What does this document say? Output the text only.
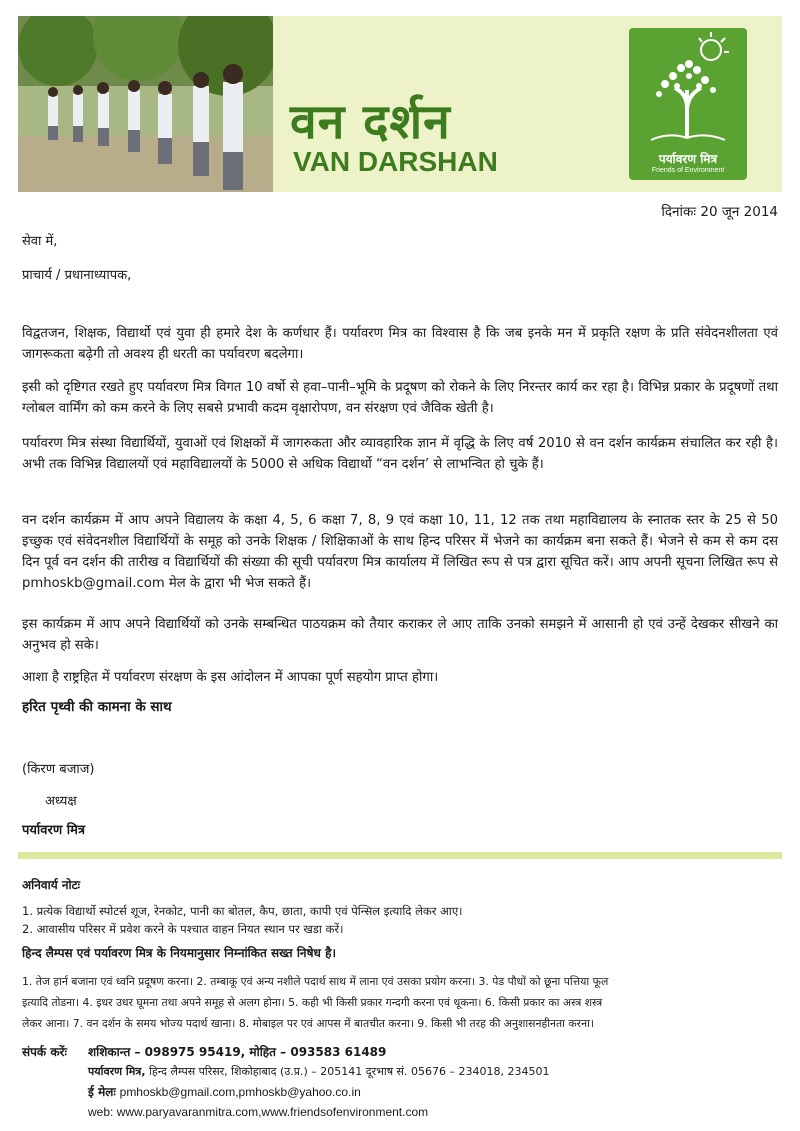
वन दर्शन
VAN DARSHAN	पर्यावरण मित्र
Friends of Environment
दिनांकः 20 जून 2014
सेवा में,
प्राचार्य / प्रधानाध्यापक,
विद्वतजन, शिक्षक, विद्यार्थो एवं युवा ही हमारे देश के कर्णधार हैं। पर्यावरण मित्र का विश्वास है कि जब इनके मन में प्रकृति रक्षण के प्रति संवेदनशीलता एवं जागरूकता बढ़ेगी तो अवश्य ही धरती का पर्यावरण बदलेगा।
इसी को दृष्टिगत रखते हुए पर्यावरण मित्र विगत 10 वर्षो से हवा–पानी–भूमि के प्रदूषण को रोकने के लिए निरन्तर कार्य कर रहा है। विभिन्न प्रकार के प्रदूषणों तथा ग्लोबल वार्मिंग को कम करने के लिए सबसे प्रभावी कदम वृक्षारोपण, वन संरक्षण एवं जैविक खेती है।
पर्यावरण मित्र संस्था विद्यार्थियों, युवाओं एवं शिक्षकों में जागरुकता और व्यावहारिक ज्ञान में वृद्धि के लिए वर्ष 2010 से वन दर्शन कार्यक्रम संचालित कर रही है। अभी तक विभिन्न विद्यालयों एवं महाविद्यालयों के 5000 से अधिक विद्यार्थो “वन दर्शन’ से लाभन्वित हो चुके हैं।
वन दर्शन कार्यक्रम में आप अपने विद्यालय के कक्षा 4, 5, 6 कक्षा 7, 8, 9 एवं कक्षा 10, 11, 12 तक तथा महाविद्यालय के स्नातक स्तर के 25 से 50 इच्छुक एवं संवेदनशील विद्यार्थियों के समूह को उनके शिक्षक / शिक्षिकाओं के साथ हिन्द परिसर में भेजने का कार्यक्रम बना सकते हैं। भेजने से कम से कम दस दिन पूर्व वन दर्शन की तारीख व विद्यार्थियों की संख्या की सूची पर्यावरण मित्र कार्यालय में लिखित रूप से पत्र द्वारा सूचित करें। आप अपनी सूचना लिखित रूप से pmhoskb@gmail.com मेल के द्वारा भी भेज सकते हैं।
इस कार्यक्रम में आप अपने विद्यार्थियों को उनके सम्बन्धित पाठयक्रम को तैयार कराकर ले आए ताकि उनको समझने में आसानी हो एवं उन्हें देखकर सीखने का अनुभव हो सके।
आशा है राष्ट्रहित में पर्यावरण संरक्षण के इस आंदोलन में आपका पूर्ण सहयोग प्राप्त होगा।
हरित पृथ्वी की कामना के साथ
(किरण बजाज)
अध्यक्ष
पर्यावरण मित्र
अनिवार्य नोटः
1. प्रत्येक विद्यार्थो स्पोटर्स शूज, रेनकोट, पानी का बोतल, कैप, छाता, कापी एवं पेन्सिल इत्यादि लेकर आए।
2. आवासीय परिसर में प्रवेश करने के पश्चात वाहन नियत स्थान पर खडा करें।
हिन्द लैम्पस एवं पर्यावरण मित्र के नियमानुसार निम्नांकित सख्त निषेध है।
1. तेज हार्न बजाना एवं ध्वनि प्रदूषण करना। 2. तम्बाकू एवं अन्य नशीले पदार्थ साथ में लाना एवं उसका प्रयोग करना। 3. पेड पौधों को छूना पत्तिया फूल
इत्यादि तोडना। 4. इधर उधर घूमना तथा अपने समूह से अलग होना। 5. कही भी किसी प्रकार गन्दगी करना एवं थूकना। 6. किसी प्रकार का अस्त्र शस्त्र
लेकर आना। 7. वन दर्शन के समय भोज्य पदार्थ खाना। 8. मोबाइल पर एवं आपस में बातचीत करना। 9. किसी भी तरह की अनुशासनहीनता करना।
संपर्क करेंः शशिकान्त – 098975 95419, मोहित – 093583 61489
पर्यावरण मित्र, हिन्द लैम्पस परिसर, शिकोहाबाद (उ.प्र.) – 205141 दूरभाष सं. 05676 – 234018, 234501
ई मेलः pmhoskb@gmail.com,pmhoskb@yahoo.co.in
web: www.paryavaranmitra.com,www.friendsofenvironment.com
